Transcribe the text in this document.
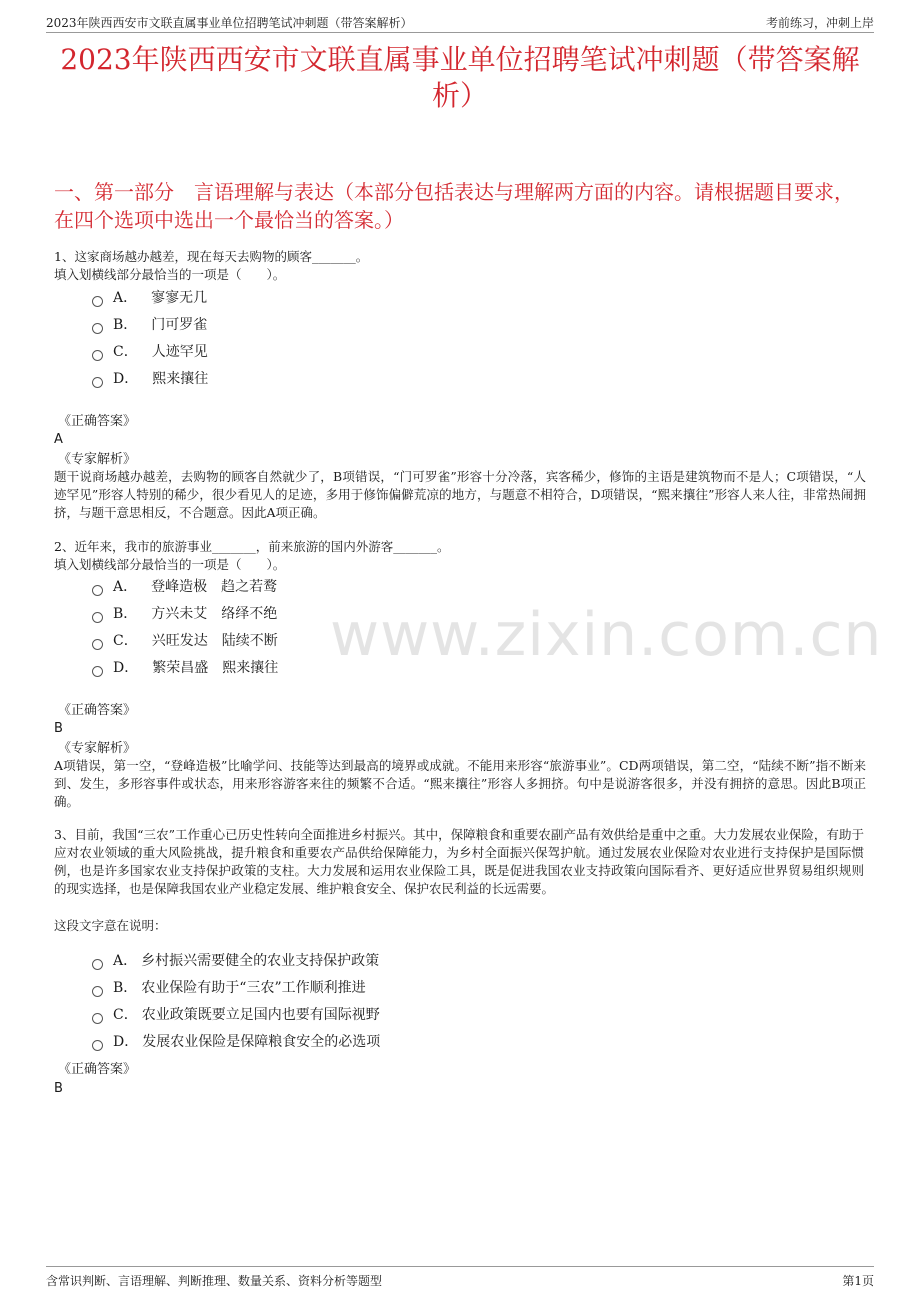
2023年陕西西安市文联直属事业单位招聘笔试冲刺题（带答案解析）	考前练习，冲刺上岸
2023年陕西西安市文联直属事业单位招聘笔试冲刺题（带答案解析）
www.zixin.com.cn
一、第一部分　言语理解与表达（本部分包括表达与理解两方面的内容。请根据题目要求，在四个选项中选出一个最恰当的答案。）
1、这家商场越办越差，现在每天去购物的顾客_______。
填入划横线部分最恰当的一项是（　　）。
A． 寥寥无几
B． 门可罗雀
C． 人迹罕见
D． 熙来攘往
《正确答案》
A
《专家解析》
题干说商场越办越差，去购物的顾客自然就少了，B项错误，“门可罗雀”形容十分冷落，宾客稀少，修饰的主语是建筑物而不是人；C项错误，“人迹罕见”形容人特别的稀少，很少看见人的足迹，多用于修饰偏僻荒凉的地方，与题意不相符合，D项错误，“熙来攘往”形容人来人往，非常热闹拥挤，与题干意思相反，不合题意。因此A项正确。
2、近年来，我市的旅游事业_______，前来旅游的国内外游客_______。
填入划横线部分最恰当的一项是（　　）。
A． 登峰造极　趋之若鹜
B． 方兴未艾　络绎不绝
C． 兴旺发达　陆续不断
D． 繁荣昌盛　熙来攘往
《正确答案》
B
《专家解析》
A项错误，第一空，“登峰造极”比喻学问、技能等达到最高的境界或成就。不能用来形容“旅游事业”。CD两项错误，第二空，“陆续不断”指不断来到、发生，多形容事件或状态，用来形容游客来往的频繁不合适。“熙来攘往”形容人多拥挤。句中是说游客很多，并没有拥挤的意思。因此B项正确。
3、目前，我国“三农”工作重心已历史性转向全面推进乡村振兴。其中，保障粮食和重要农副产品有效供给是重中之重。大力发展农业保险，有助于应对农业领域的重大风险挑战，提升粮食和重要农产品供给保障能力，为乡村全面振兴保驾护航。通过发展农业保险对农业进行支持保护是国际惯例，也是许多国家农业支持保护政策的支柱。大力发展和运用农业保险工具，既是促进我国农业支持政策向国际看齐、更好适应世界贸易组织规则的现实选择，也是保障我国农业产业稳定发展、维护粮食安全、保护农民利益的长远需要。
这段文字意在说明：
A． 乡村振兴需要健全的农业支持保护政策
B． 农业保险有助于“三农”工作顺利推进
C． 农业政策既要立足国内也要有国际视野
D． 发展农业保险是保障粮食安全的必选项
《正确答案》
B
含常识判断、言语理解、判断推理、数量关系、资料分析等题型	第1页
